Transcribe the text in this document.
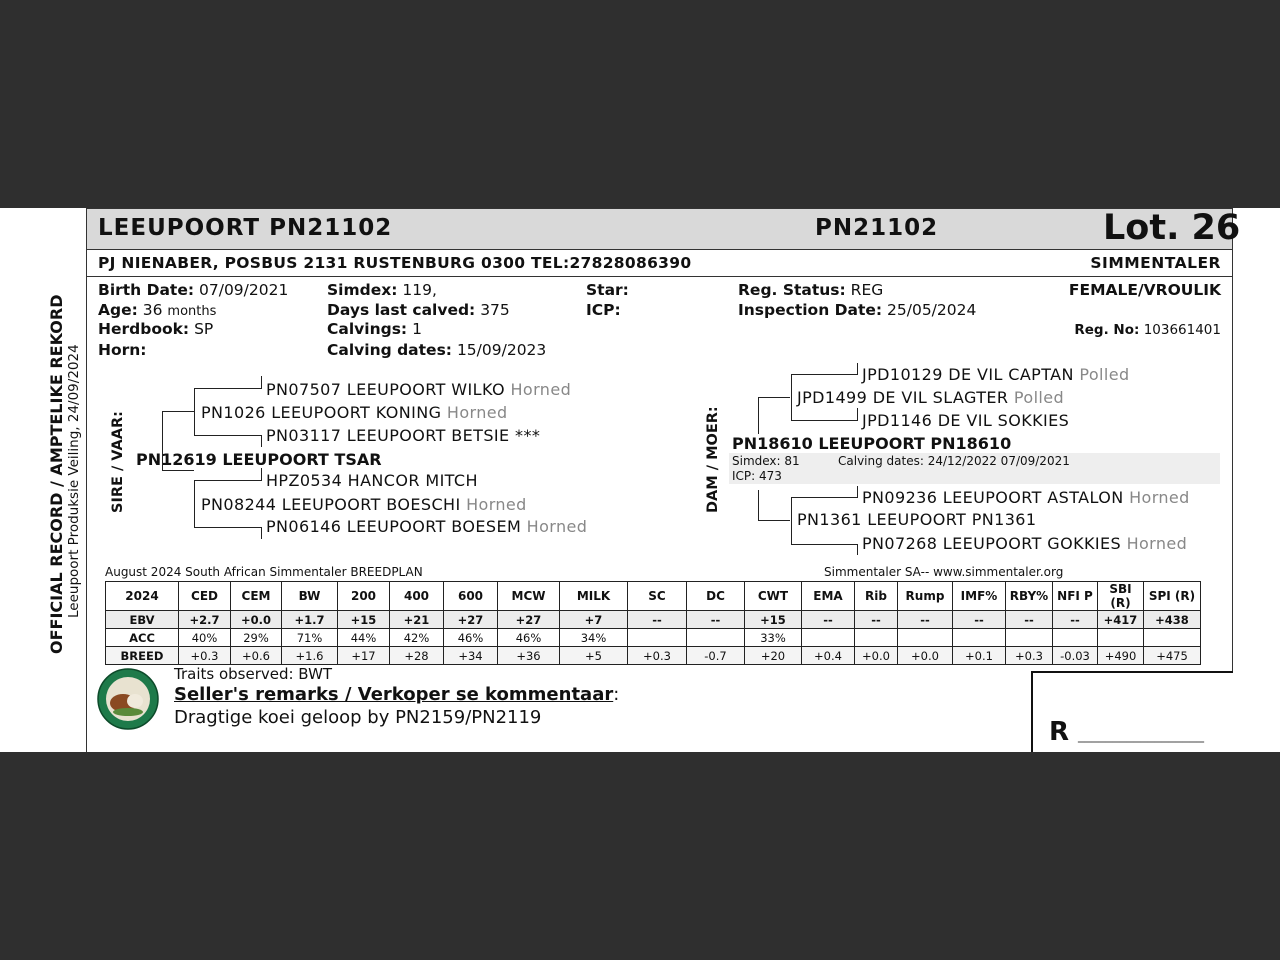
LEEUPOORT PN21102	PN21102	Lot. 26
PJ NIENABER, POSBUS 2131 RUSTENBURG 0300 TEL:27828086390	SIMMENTALER
OFFICIAL RECORD / AMPTELIKE REKORD Leeupoort Produksie Veiling, 24/09/2024
Birth Date: 07/09/2021
Age: 36 months
Herdbook: SP
Horn:
Simdex: 119,
Days last calved: 375
Calvings: 1
Calving dates: 15/09/2023
Star:
ICP:
Reg. Status: REG
Inspection Date: 25/05/2024
FEMALE/VROULIK
Reg. No: 103661401
SIRE / VAAR:	DAM / MOER:
PN07507 LEEUPOORT WILKO Horned
PN1026 LEEUPOORT KONING Horned
PN03117 LEEUPOORT BETSIE ***
PN12619 LEEUPOORT TSAR
HPZ0534 HANCOR MITCH
PN08244 LEEUPOORT BOESCHI Horned
PN06146 LEEUPOORT BOESEM Horned
JPD10129 DE VIL CAPTAN Polled
JPD1499 DE VIL SLAGTER Polled
JPD1146 DE VIL SOKKIES
PN18610 LEEUPOORT PN18610
Simdex: 81	Calving dates: 24/12/2022 07/09/2021
ICP: 473
PN09236 LEEUPOORT ASTALON Horned
PN1361 LEEUPOORT PN1361
PN07268 LEEUPOORT GOKKIES Horned
August 2024 South African Simmentaler BREEDPLAN	Simmentaler SA-- www.simmentaler.org
2024	CED	CEM	BW	200	400	600	MCW	MILK	SC	DC	CWT	EMA	Rib	Rump	IMF%	RBY%	NFI P	SBI (R)	SPI (R)
EBV	+2.7	+0.0	+1.7	+15	+21	+27	+27	+7	--	--	+15	--	--	--	--	--	--	+417	+438
ACC	40%	29%	71%	44%	42%	46%	46%	34%			33%								
BREED	+0.3	+0.6	+1.6	+17	+28	+34	+36	+5	+0.3	-0.7	+20	+0.4	+0.0	+0.0	+0.1	+0.3	-0.03	+490	+475
Traits observed: BWT
Seller's remarks / Verkoper se kommentaar:
Dragtige koei geloop by PN2159/PN2119	R __________________
